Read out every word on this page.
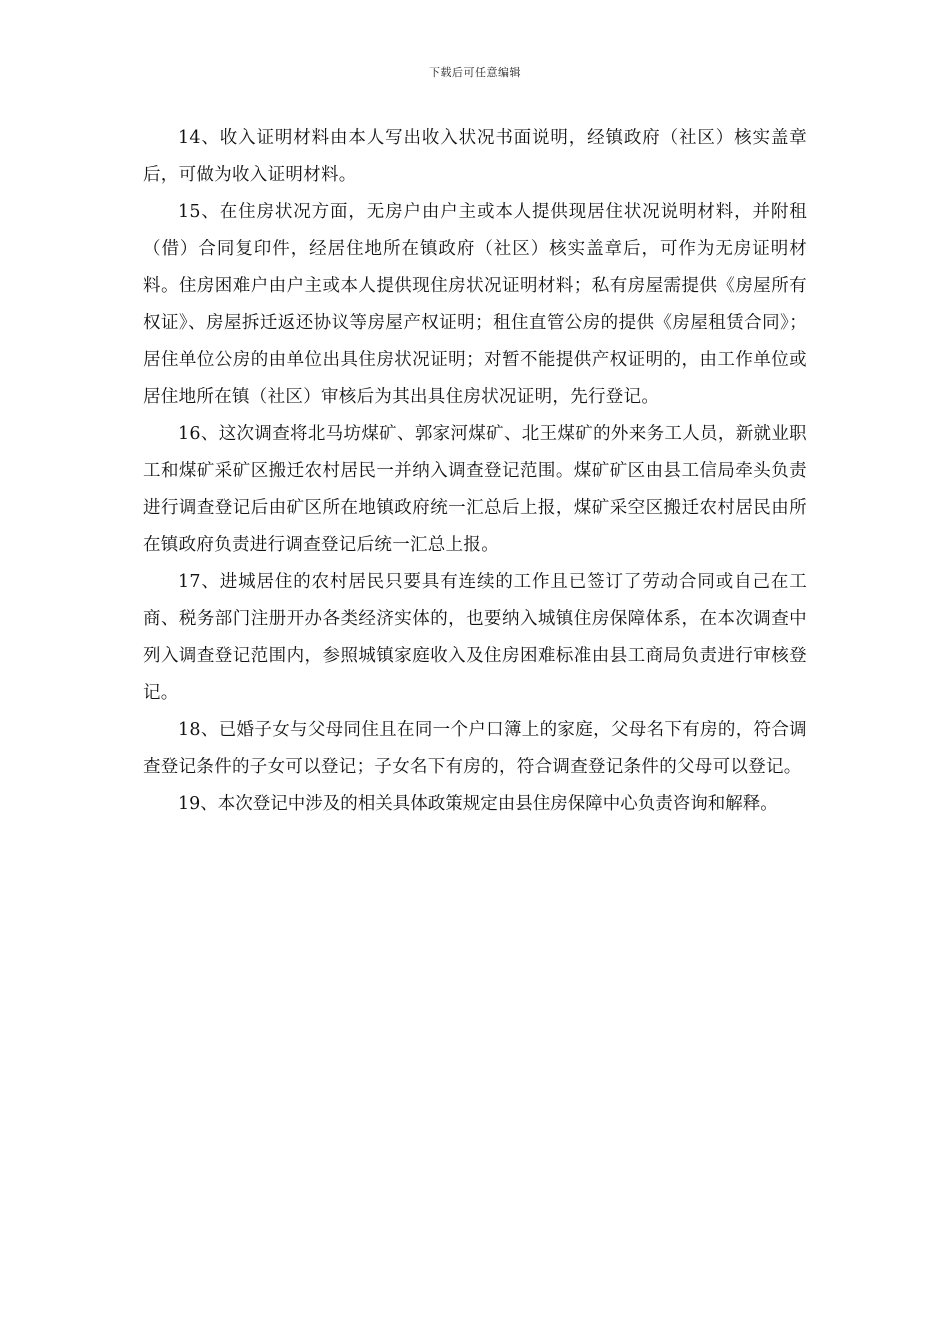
下载后可任意编辑

14、收入证明材料由本人写出收入状况书面说明，经镇政府（社区）核实盖章后，可做为收入证明材料。

15、在住房状况方面，无房户由户主或本人提供现居住状况说明材料，并附租（借）合同复印件，经居住地所在镇政府（社区）核实盖章后，可作为无房证明材料。住房困难户由户主或本人提供现住房状况证明材料；私有房屋需提供《房屋所有权证》、房屋拆迁返还协议等房屋产权证明；租住直管公房的提供《房屋租赁合同》；居住单位公房的由单位出具住房状况证明；对暂不能提供产权证明的，由工作单位或居住地所在镇（社区）审核后为其出具住房状况证明，先行登记。

16、这次调查将北马坊煤矿、郭家河煤矿、北王煤矿的外来务工人员，新就业职工和煤矿采矿区搬迁农村居民一并纳入调查登记范围。煤矿矿区由县工信局牵头负责进行调查登记后由矿区所在地镇政府统一汇总后上报，煤矿采空区搬迁农村居民由所在镇政府负责进行调查登记后统一汇总上报。

17、进城居住的农村居民只要具有连续的工作且已签订了劳动合同或自己在工商、税务部门注册开办各类经济实体的，也要纳入城镇住房保障体系，在本次调查中列入调查登记范围内，参照城镇家庭收入及住房困难标准由县工商局负责进行审核登记。

18、已婚子女与父母同住且在同一个户口簿上的家庭，父母名下有房的，符合调查登记条件的子女可以登记；子女名下有房的，符合调查登记条件的父母可以登记。

19、本次登记中涉及的相关具体政策规定由县住房保障中心负责咨询和解释。
